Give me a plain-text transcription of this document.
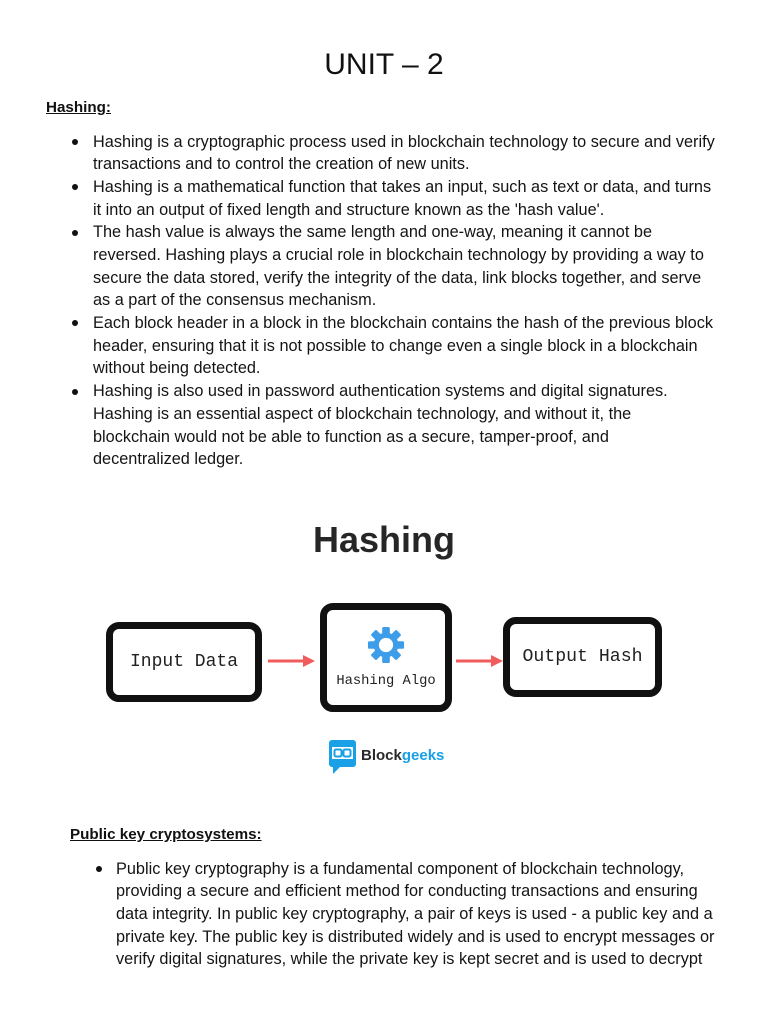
UNIT – 2
Hashing:
Hashing is a cryptographic process used in blockchain technology to secure and verify
transactions and to control the creation of new units.
Hashing is a mathematical function that takes an input, such as text or data, and turns
it into an output of fixed length and structure known as the 'hash value'.
The hash value is always the same length and one-way, meaning it cannot be
reversed. Hashing plays a crucial role in blockchain technology by providing a way to
secure the data stored, verify the integrity of the data, link blocks together, and serve
as a part of the consensus mechanism.
Each block header in a block in the blockchain contains the hash of the previous block
header, ensuring that it is not possible to change even a single block in a blockchain
without being detected.
Hashing is also used in password authentication systems and digital signatures.
Hashing is an essential aspect of blockchain technology, and without it, the
blockchain would not be able to function as a secure, tamper-proof, and
decentralized ledger.
Hashing
Input Data
Hashing Algo
Output Hash
Blockgeeks
Public key cryptosystems:
Public key cryptography is a fundamental component of blockchain technology,
providing a secure and efficient method for conducting transactions and ensuring
data integrity. In public key cryptography, a pair of keys is used - a public key and a
private key. The public key is distributed widely and is used to encrypt messages or
verify digital signatures, while the private key is kept secret and is used to decrypt
